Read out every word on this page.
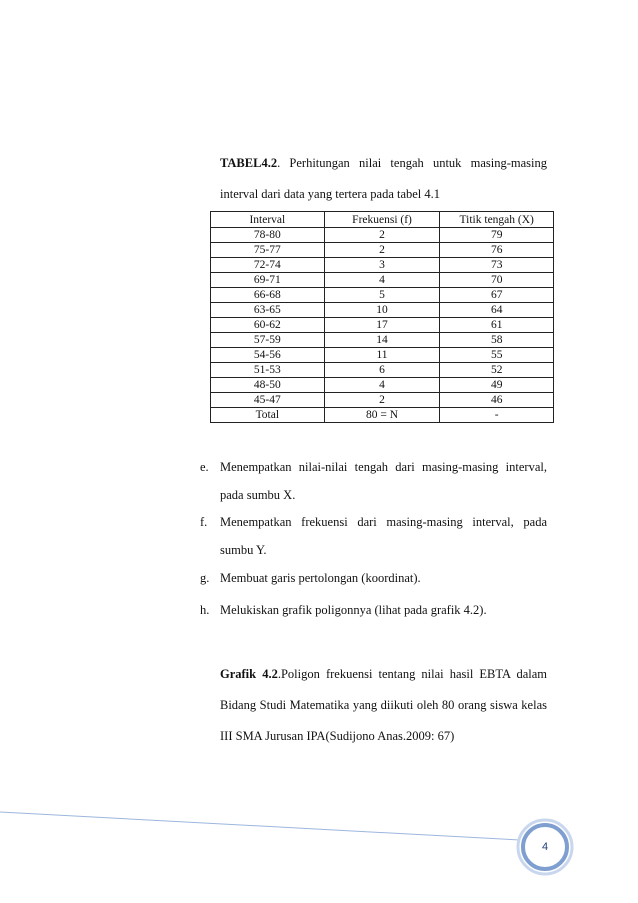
TABEL4.2. Perhitungan nilai tengah untuk masing-masing interval dari data yang tertera pada tabel 4.1

Interval	Frekuensi (f)	Titik tengah (X)
78-80	2	79
75-77	2	76
72-74	3	73
69-71	4	70
66-68	5	67
63-65	10	64
60-62	17	61
57-59	14	58
54-56	11	55
51-53	6	52
48-50	4	49
45-47	2	46
Total	80 = N	-
e. Menempatkan nilai-nilai tengah dari masing-masing interval, pada sumbu X.
f. Menempatkan frekuensi dari masing-masing interval, pada sumbu Y.
g. Membuat garis pertolongan (koordinat).
h. Melukiskan grafik poligonnya (lihat pada grafik 4.2).

Grafik 4.2.Poligon frekuensi tentang nilai hasil EBTA dalam Bidang Studi Matematika yang diikuti oleh 80 orang siswa kelas III SMA Jurusan IPA(Sudijono Anas.2009: 67)

4
